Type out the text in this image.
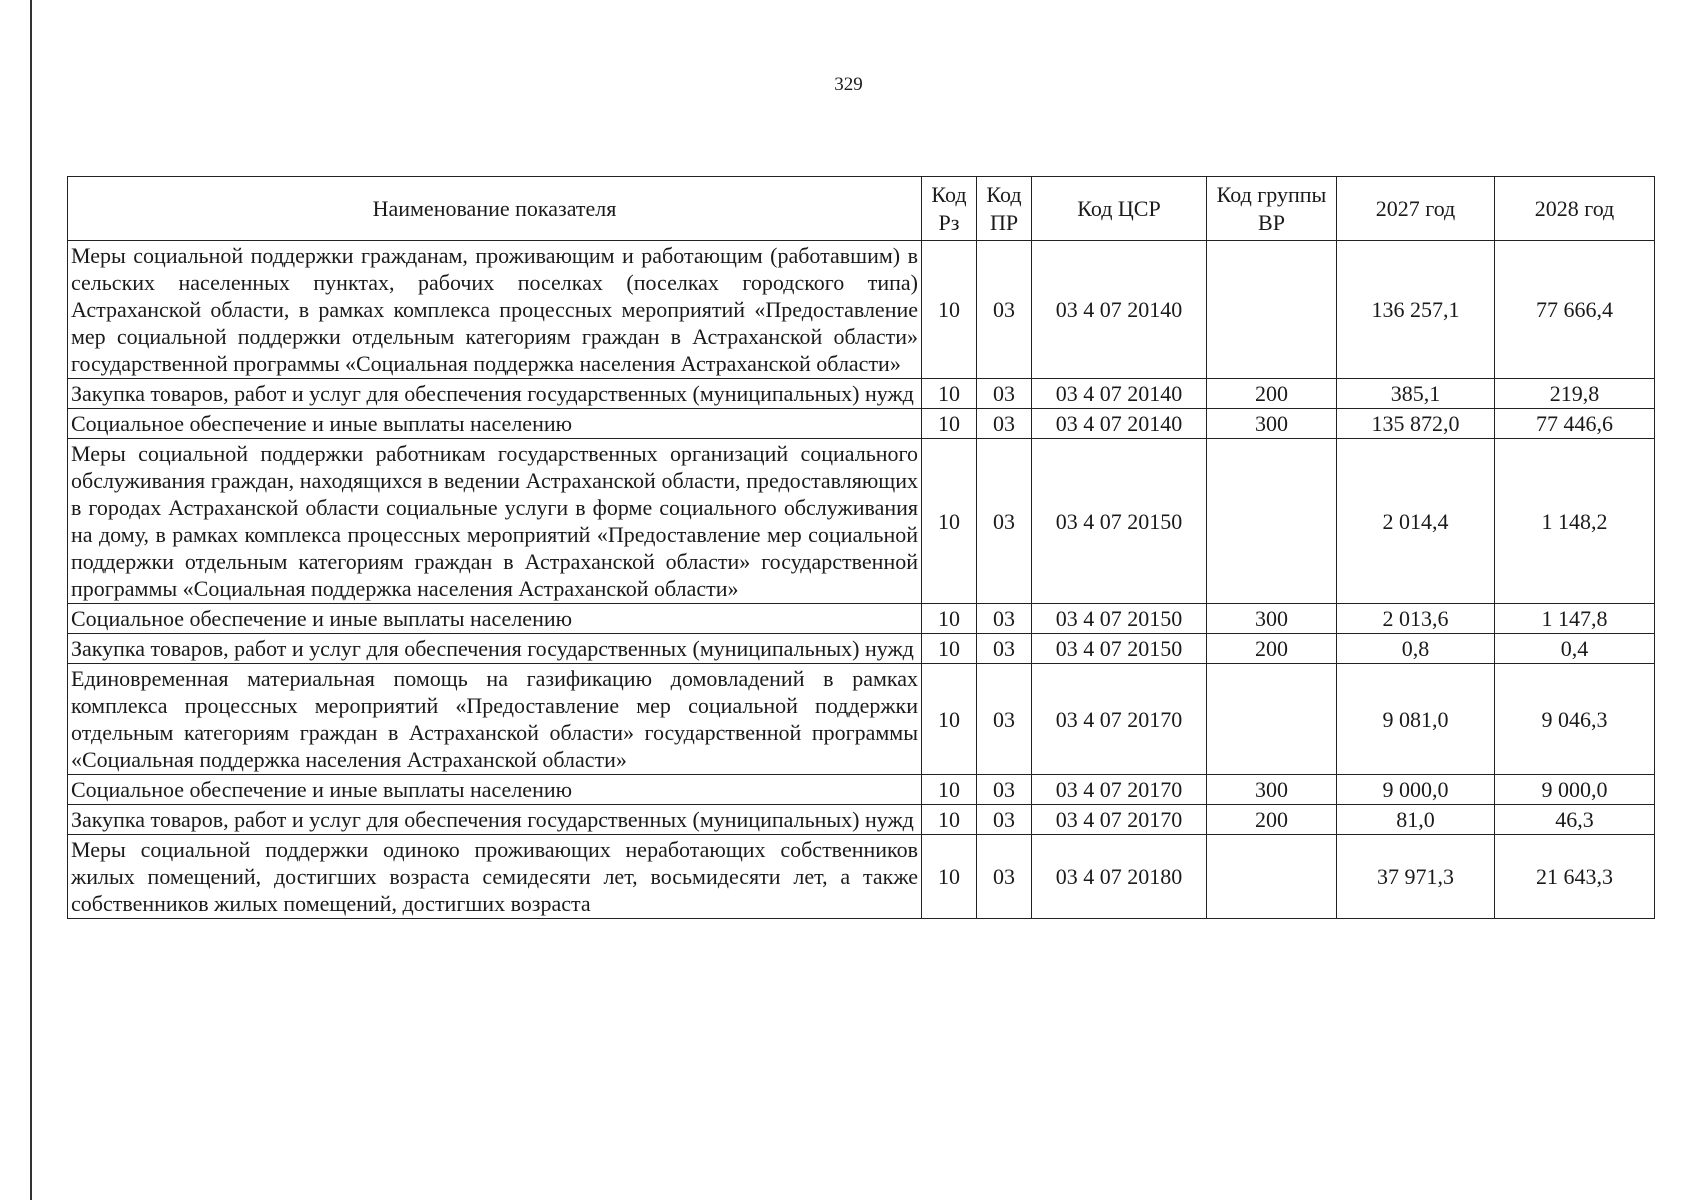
329
Наименование показателя	Код Рз	Код ПР	Код ЦСР	Код группы ВР	2027 год	2028 год
Меры социальной поддержки гражданам, проживающим и работающим (работавшим) в сельских населенных пунктах, рабочих поселках (поселках городского типа) Астраханской области, в рамках комплекса процессных мероприятий «Предоставление мер социальной поддержки отдельным категориям граждан в Астраханской области» государственной программы «Социальная поддержка населения Астраханской области»	10	03	03 4 07 20140		136 257,1	77 666,4
Закупка товаров, работ и услуг для обеспечения государственных (муниципальных) нужд	10	03	03 4 07 20140	200	385,1	219,8
Социальное обеспечение и иные выплаты населению	10	03	03 4 07 20140	300	135 872,0	77 446,6
Меры социальной поддержки работникам государственных организаций социального обслуживания граждан, находящихся в ведении Астраханской области, предоставляющих в городах Астраханской области социальные услуги в форме социального обслуживания на дому, в рамках комплекса процессных мероприятий «Предоставление мер социальной поддержки отдельным категориям граждан в Астраханской области» государственной программы «Социальная поддержка населения Астраханской области»	10	03	03 4 07 20150		2 014,4	1 148,2
Социальное обеспечение и иные выплаты населению	10	03	03 4 07 20150	300	2 013,6	1 147,8
Закупка товаров, работ и услуг для обеспечения государственных (муниципальных) нужд	10	03	03 4 07 20150	200	0,8	0,4
Единовременная материальная помощь на газификацию домовладений в рамках комплекса процессных мероприятий «Предоставление мер социальной поддержки отдельным категориям граждан в Астраханской области» государственной программы «Социальная поддержка населения Астраханской области»	10	03	03 4 07 20170		9 081,0	9 046,3
Социальное обеспечение и иные выплаты населению	10	03	03 4 07 20170	300	9 000,0	9 000,0
Закупка товаров, работ и услуг для обеспечения государственных (муниципальных) нужд	10	03	03 4 07 20170	200	81,0	46,3
Меры социальной поддержки одиноко проживающих неработающих собственников жилых помещений, достигших возраста семидесяти лет, восьмидесяти лет, а также собственников жилых помещений, достигших возраста	10	03	03 4 07 20180		37 971,3	21 643,3
